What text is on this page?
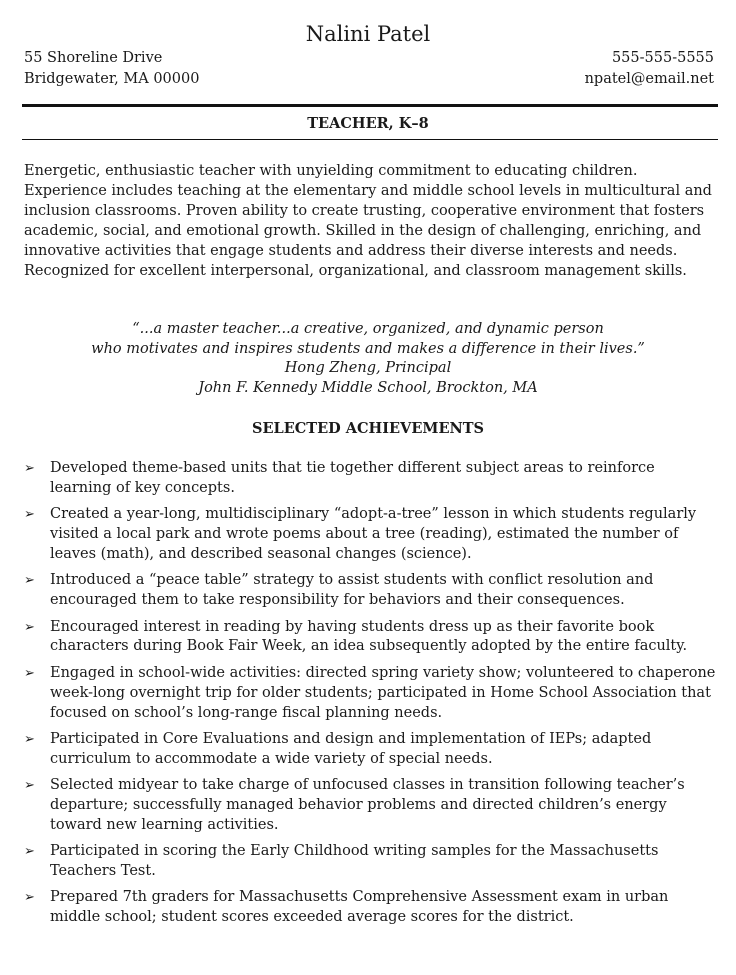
Nalini Patel
55 Shoreline Drive
Bridgewater, MA 00000
555-555-5555
npatel@email.net
TEACHER, K–8

Energetic, enthusiastic teacher with unyielding commitment to educating children. Experience includes teaching at the elementary and middle school levels in multicultural and inclusion classrooms. Proven ability to create trusting, cooperative environment that fosters academic, social, and emotional growth. Skilled in the design of challenging, enriching, and innovative activities that engage students and address their diverse interests and needs. Recognized for excellent interpersonal, organizational, and classroom management skills.

“...a master teacher...a creative, organized, and dynamic person
who motivates and inspires students and makes a difference in their lives.”
Hong Zheng, Principal
John F. Kennedy Middle School, Brockton, MA
SELECTED ACHIEVEMENTS
➢ Developed theme-based units that tie together different subject areas to reinforce learning of key concepts.
➢ Created a year-long, multidisciplinary “adopt-a-tree” lesson in which students regularly visited a local park and wrote poems about a tree (reading), estimated the number of leaves (math), and described seasonal changes (science).
➢ Introduced a “peace table” strategy to assist students with conflict resolution and encouraged them to take responsibility for behaviors and their consequences.
➢ Encouraged interest in reading by having students dress up as their favorite book characters during Book Fair Week, an idea subsequently adopted by the entire faculty.
➢ Engaged in school-wide activities: directed spring variety show; volunteered to chaperone week-long overnight trip for older students; participated in Home School Association that focused on school’s long-range fiscal planning needs.
➢ Participated in Core Evaluations and design and implementation of IEPs; adapted curriculum to accommodate a wide variety of special needs.
➢ Selected midyear to take charge of unfocused classes in transition following teacher’s departure; successfully managed behavior problems and directed children’s energy toward new learning activities.
➢ Participated in scoring the Early Childhood writing samples for the Massachusetts Teachers Test.
➢ Prepared 7th graders for Massachusetts Comprehensive Assessment exam in urban middle school; student scores exceeded average scores for the district.
